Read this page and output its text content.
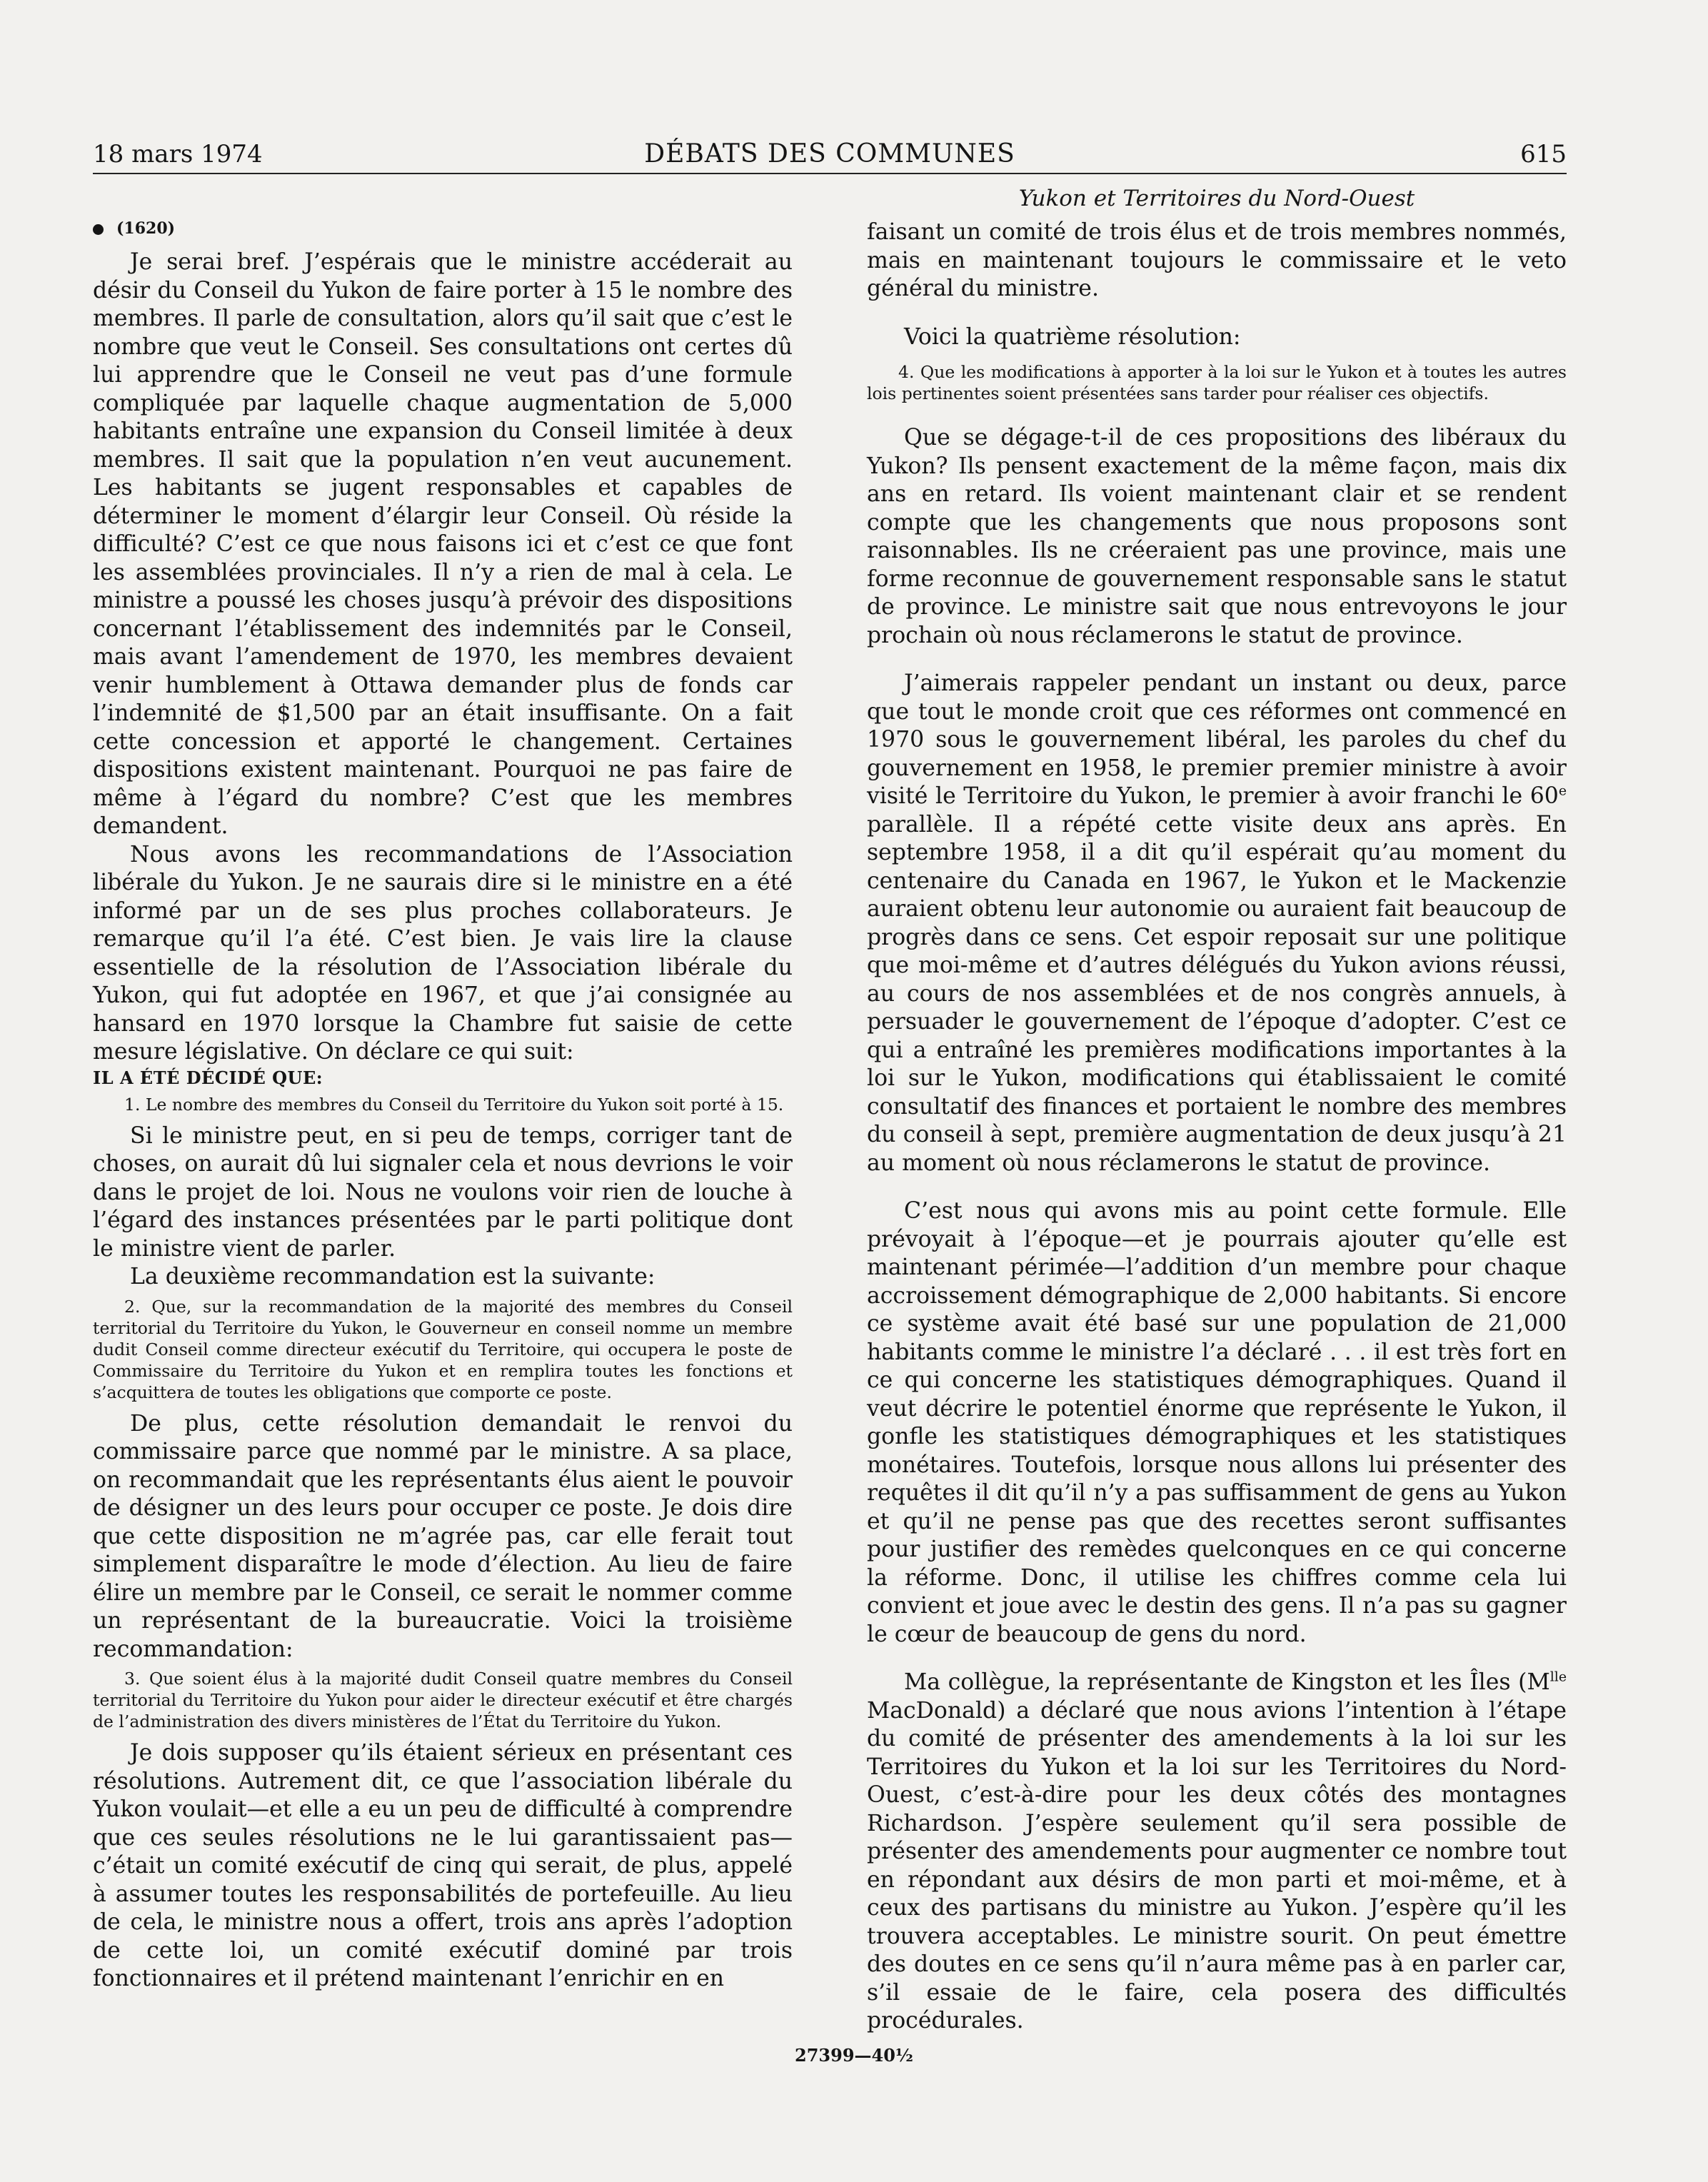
18 mars 1974	DÉBATS DES COMMUNES	615
Yukon et Territoires du Nord-Ouest
(1620)

Je serai bref. J’espérais que le ministre accéderait au désir du Conseil du Yukon de faire porter à 15 le nombre des membres. Il parle de consultation, alors qu’il sait que c’est le nombre que veut le Conseil. Ses consultations ont certes dû lui apprendre que le Conseil ne veut pas d’une formule compliquée par laquelle chaque augmentation de 5,000 habitants entraîne une expansion du Conseil limitée à deux membres. Il sait que la population n’en veut aucunement. Les habitants se jugent responsables et capables de déterminer le moment d’élargir leur Conseil. Où réside la difficulté? C’est ce que nous faisons ici et c’est ce que font les assemblées provinciales. Il n’y a rien de mal à cela. Le ministre a poussé les choses jusqu’à prévoir des dispositions concernant l’établissement des indemnités par le Conseil, mais avant l’amendement de 1970, les membres devaient venir humblement à Ottawa demander plus de fonds car l’indemnité de $1,500 par an était insuffisante. On a fait cette concession et apporté le changement. Certaines dispositions existent maintenant. Pourquoi ne pas faire de même à l’égard du nombre? C’est que les membres demandent.

Nous avons les recommandations de l’Association libérale du Yukon. Je ne saurais dire si le ministre en a été informé par un de ses plus proches collaborateurs. Je remarque qu’il l’a été. C’est bien. Je vais lire la clause essentielle de la résolution de l’Association libérale du Yukon, qui fut adoptée en 1967, et que j’ai consignée au hansard en 1970 lorsque la Chambre fut saisie de cette mesure législative. On déclare ce qui suit:

IL A ÉTÉ DÉCIDÉ QUE:

1. Le nombre des membres du Conseil du Territoire du Yukon soit porté à 15.

Si le ministre peut, en si peu de temps, corriger tant de choses, on aurait dû lui signaler cela et nous devrions le voir dans le projet de loi. Nous ne voulons voir rien de louche à l’égard des instances présentées par le parti politique dont le ministre vient de parler.

La deuxième recommandation est la suivante:

2. Que, sur la recommandation de la majorité des membres du Conseil territorial du Territoire du Yukon, le Gouverneur en conseil nomme un membre dudit Conseil comme directeur exécutif du Territoire, qui occupera le poste de Commissaire du Territoire du Yukon et en remplira toutes les fonctions et s’acquittera de toutes les obligations que comporte ce poste.

De plus, cette résolution demandait le renvoi du commissaire parce que nommé par le ministre. A sa place, on recommandait que les représentants élus aient le pouvoir de désigner un des leurs pour occuper ce poste. Je dois dire que cette disposition ne m’agrée pas, car elle ferait tout simplement disparaître le mode d’élection. Au lieu de faire élire un membre par le Conseil, ce serait le nommer comme un représentant de la bureaucratie. Voici la troisième recommandation:

3. Que soient élus à la majorité dudit Conseil quatre membres du Conseil territorial du Territoire du Yukon pour aider le directeur exécutif et être chargés de l’administration des divers ministères de l’État du Territoire du Yukon.

Je dois supposer qu’ils étaient sérieux en présentant ces résolutions. Autrement dit, ce que l’association libérale du Yukon voulait—et elle a eu un peu de difficulté à comprendre que ces seules résolutions ne le lui garantissaient pas—c’était un comité exécutif de cinq qui serait, de plus, appelé à assumer toutes les responsabilités de portefeuille. Au lieu de cela, le ministre nous a offert, trois ans après l’adoption de cette loi, un comité exécutif dominé par trois fonctionnaires et il prétend maintenant l’enrichir en en

faisant un comité de trois élus et de trois membres nommés, mais en maintenant toujours le commissaire et le veto général du ministre.

Voici la quatrième résolution:

4. Que les modifications à apporter à la loi sur le Yukon et à toutes les autres lois pertinentes soient présentées sans tarder pour réaliser ces objectifs.

Que se dégage-t-il de ces propositions des libéraux du Yukon? Ils pensent exactement de la même façon, mais dix ans en retard. Ils voient maintenant clair et se rendent compte que les changements que nous proposons sont raisonnables. Ils ne créeraient pas une province, mais une forme reconnue de gouvernement responsable sans le statut de province. Le ministre sait que nous entrevoyons le jour prochain où nous réclamerons le statut de province.

J’aimerais rappeler pendant un instant ou deux, parce que tout le monde croit que ces réformes ont commencé en 1970 sous le gouvernement libéral, les paroles du chef du gouvernement en 1958, le premier premier ministre à avoir visité le Territoire du Yukon, le premier à avoir franchi le 60e parallèle. Il a répété cette visite deux ans après. En septembre 1958, il a dit qu’il espérait qu’au moment du centenaire du Canada en 1967, le Yukon et le Mackenzie auraient obtenu leur autonomie ou auraient fait beaucoup de progrès dans ce sens. Cet espoir reposait sur une politique que moi-même et d’autres délégués du Yukon avions réussi, au cours de nos assemblées et de nos congrès annuels, à persuader le gouvernement de l’époque d’adopter. C’est ce qui a entraîné les premières modifications importantes à la loi sur le Yukon, modifications qui établissaient le comité consultatif des finances et portaient le nombre des membres du conseil à sept, première augmentation de deux jusqu’à 21 au moment où nous réclamerons le statut de province.

C’est nous qui avons mis au point cette formule. Elle prévoyait à l’époque—et je pourrais ajouter qu’elle est maintenant périmée—l’addition d’un membre pour chaque accroissement démographique de 2,000 habitants. Si encore ce système avait été basé sur une population de 21,000 habitants comme le ministre l’a déclaré . . . il est très fort en ce qui concerne les statistiques démographiques. Quand il veut décrire le potentiel énorme que représente le Yukon, il gonfle les statistiques démographiques et les statistiques monétaires. Toutefois, lorsque nous allons lui présenter des requêtes il dit qu’il n’y a pas suffisamment de gens au Yukon et qu’il ne pense pas que des recettes seront suffisantes pour justifier des remèdes quelconques en ce qui concerne la réforme. Donc, il utilise les chiffres comme cela lui convient et joue avec le destin des gens. Il n’a pas su gagner le cœur de beaucoup de gens du nord.

Ma collègue, la représentante de Kingston et les Îles ($M^{lle}$ MacDonald) a déclaré que nous avions l’intention à l’étape du comité de présenter des amendements à la loi sur les Territoires du Yukon et la loi sur les Territoires du Nord-Ouest, c’est-à-dire pour les deux côtés des montagnes Richardson. J’espère seulement qu’il sera possible de présenter des amendements pour augmenter ce nombre tout en répondant aux désirs de mon parti et moi-même, et à ceux des partisans du ministre au Yukon. J’espère qu’il les trouvera acceptables. Le ministre sourit. On peut émettre des doutes en ce sens qu’il n’aura même pas à en parler car, s’il essaie de le faire, cela posera des difficultés procédurales.

27399—40½
